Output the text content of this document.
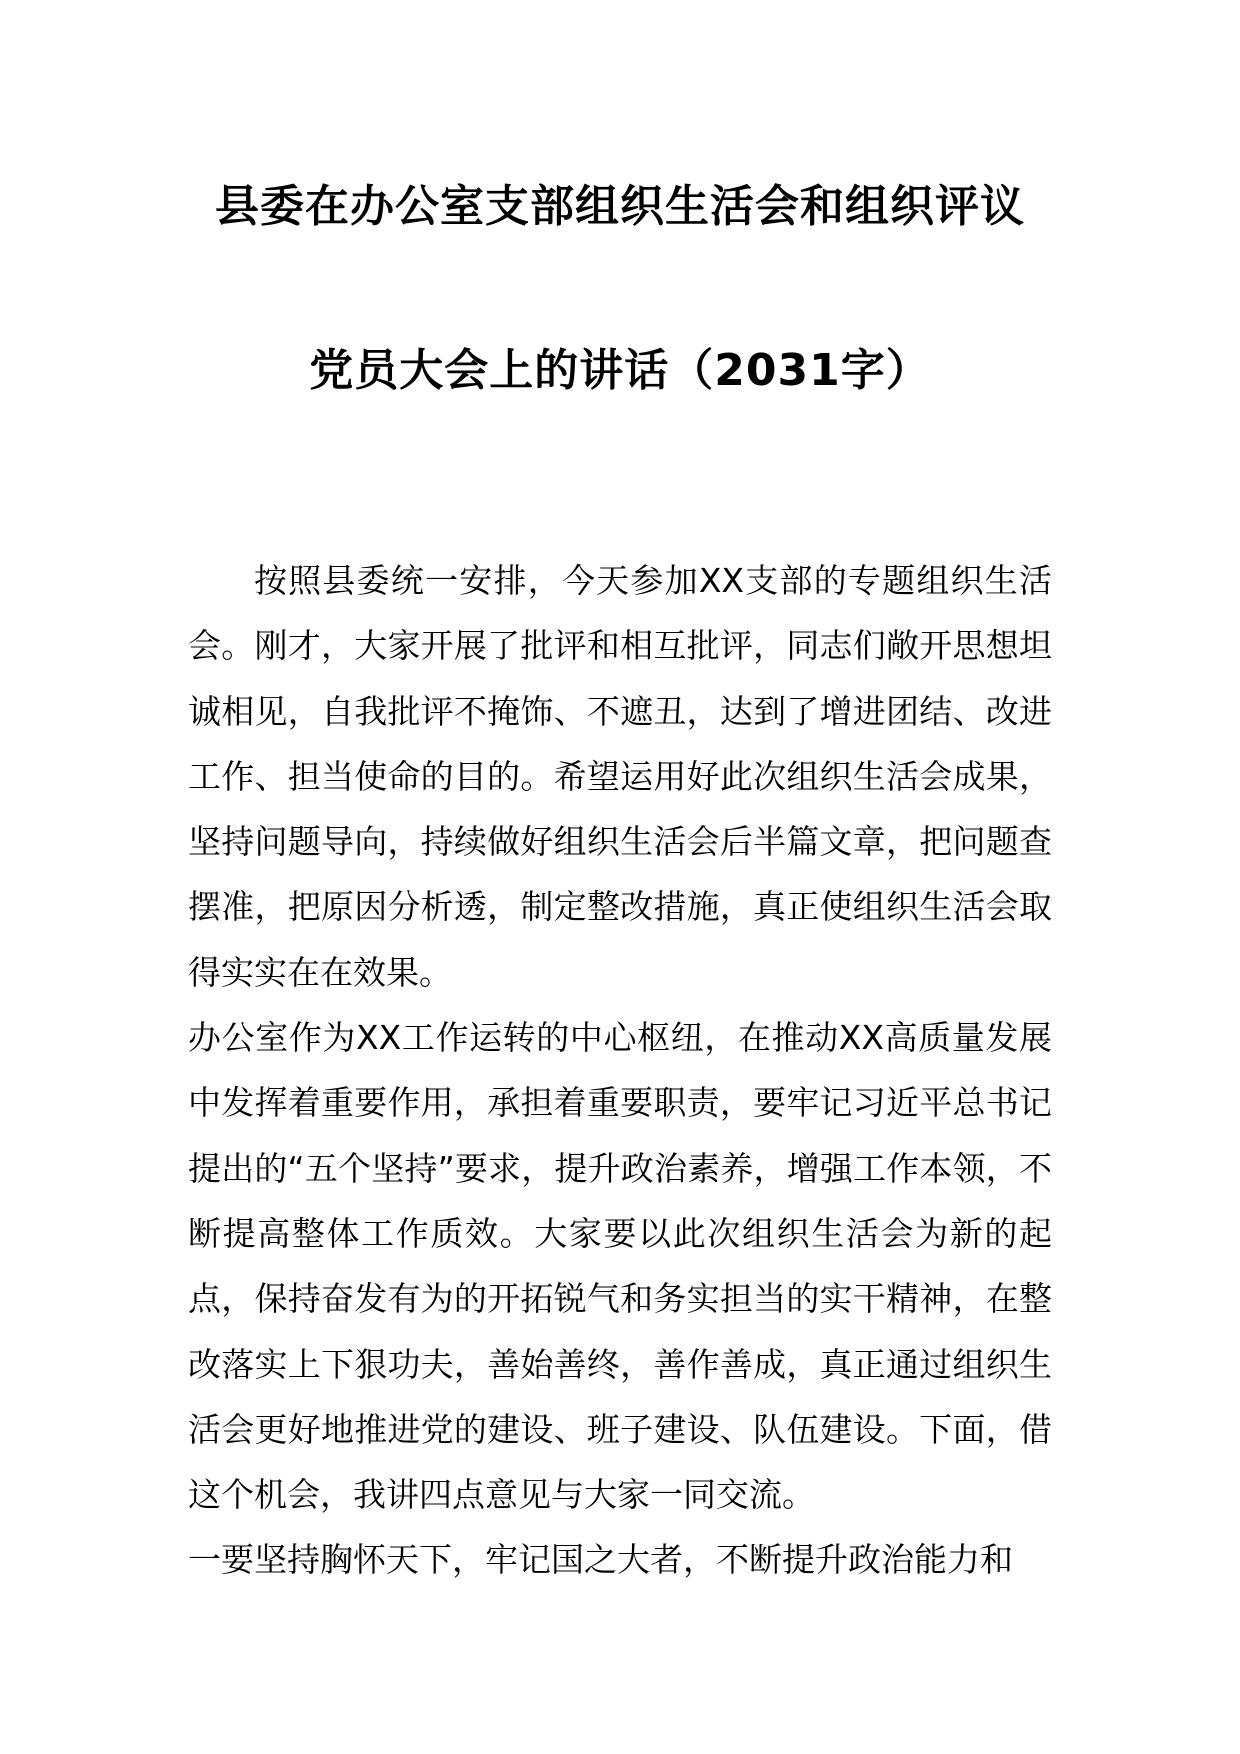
县委在办公室支部组织生活会和组织评议
党员大会上的讲话（2031字）

按照县委统一安排，今天参加XX支部的专题组织生活会。刚才，大家开展了批评和相互批评，同志们敞开思想坦诚相见，自我批评不掩饰、不遮丑，达到了增进团结、改进工作、担当使命的目的。希望运用好此次组织生活会成果，坚持问题导向，持续做好组织生活会后半篇文章，把问题查摆准，把原因分析透，制定整改措施，真正使组织生活会取得实实在在效果。

办公室作为XX工作运转的中心枢纽，在推动XX高质量发展中发挥着重要作用，承担着重要职责，要牢记习近平总书记提出的“五个坚持”要求，提升政治素养，增强工作本领，不断提高整体工作质效。大家要以此次组织生活会为新的起点，保持奋发有为的开拓锐气和务实担当的实干精神，在整改落实上下狠功夫，善始善终，善作善成，真正通过组织生活会更好地推进党的建设、班子建设、队伍建设。下面，借这个机会，我讲四点意见与大家一同交流。

一要坚持胸怀天下，牢记国之大者，不断提升政治能力和
